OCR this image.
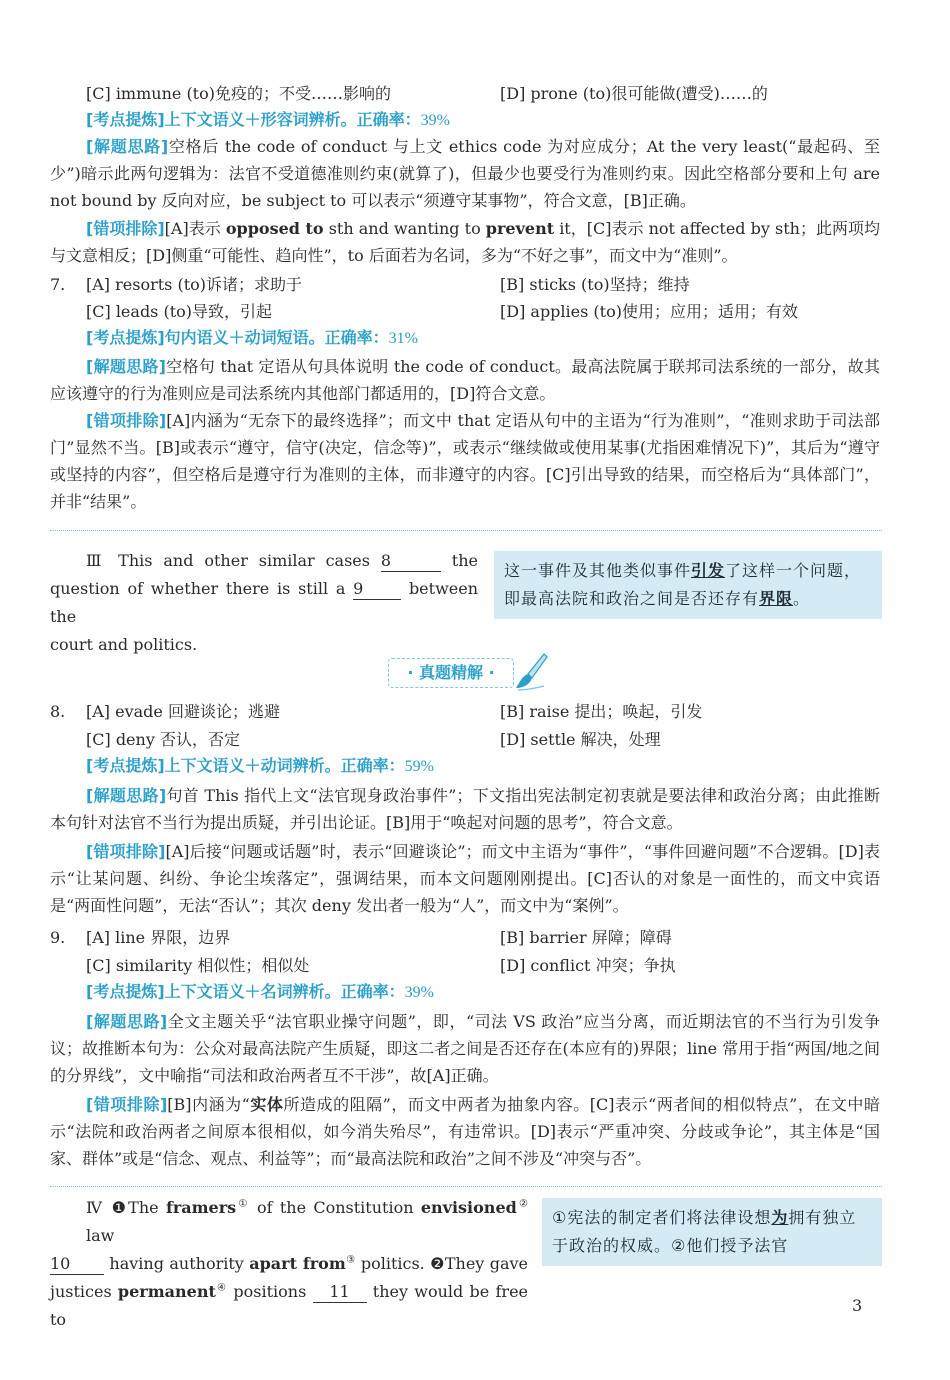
[C] immune (to)免疫的；不受……影响的	[D] prone (to)很可能做(遭受)……的
[考点提炼]上下文语义＋形容词辨析。正确率：39%
[解题思路]空格后 the code of conduct 与上文 ethics code 为对应成分；At the very least(“最起码、至少”)暗示此两句逻辑为：法官不受道德准则约束(就算了)，但最少也要受行为准则约束。因此空格部分要和上句 are not bound by 反向对应，be subject to 可以表示“须遵守某事物”，符合文意，[B]正确。
[错项排除][A]表示 opposed to sth and wanting to prevent it，[C]表示 not affected by sth；此两项均与文意相反；[D]侧重“可能性、趋向性”，to 后面若为名词，多为“不好之事”，而文中为“准则”。
7. [A] resorts (to)诉诸；求助于	[B] sticks (to)坚持；维持
[C] leads (to)导致，引起	[D] applies (to)使用；应用；适用；有效
[考点提炼]句内语义＋动词短语。正确率：31%
[解题思路]空格句 that 定语从句具体说明 the code of conduct。最高法院属于联邦司法系统的一部分，故其应该遵守的行为准则应是司法系统内其他部门都适用的，[D]符合文意。
[错项排除][A]内涵为“无奈下的最终选择”；而文中 that 定语从句中的主语为“行为准则”，“准则求助于司法部门”显然不当。[B]或表示“遵守，信守(决定，信念等)”，或表示“继续做或使用某事(尤指困难情况下)”，其后为“遵守或坚持的内容”，但空格后是遵守行为准则的主体，而非遵守的内容。[C]引出导致的结果，而空格后为“具体部门”，并非“结果”。
Ⅲ This and other similar cases 8	the
question of whether there is still a 9	between the
court and politics.
这一事件及其他类似事件引发了这样一个问题，即最高法院和政治之间是否还存有界限。
· 真题精解 ·
8. [A] evade 回避谈论；逃避	[B] raise 提出；唤起，引发
[C] deny 否认，否定	[D] settle 解决，处理
[考点提炼]上下文语义＋动词辨析。正确率：59%
[解题思路]句首 This 指代上文“法官现身政治事件”；下文指出宪法制定初衷就是要法律和政治分离；由此推断本句针对法官不当行为提出质疑，并引出论证。[B]用于“唤起对问题的思考”，符合文意。
[错项排除][A]后接“问题或话题”时，表示“回避谈论”；而文中主语为“事件”，“事件回避问题”不合逻辑。[D]表示“让某问题、纠纷、争论尘埃落定”，强调结果，而本文问题刚刚提出。[C]否认的对象是一面性的，而文中宾语是“两面性问题”，无法“否认”；其次 deny 发出者一般为“人”，而文中为“案例”。
9. [A] line 界限，边界	[B] barrier 屏障；障碍
[C] similarity 相似性；相似处	[D] conflict 冲突；争执
[考点提炼]上下文语义＋名词辨析。正确率：39%
[解题思路]全文主题关乎“法官职业操守问题”，即，“司法 VS 政治”应当分离，而近期法官的不当行为引发争议；故推断本句为：公众对最高法院产生质疑，即这二者之间是否还存在(本应有的)界限；line 常用于指“两国/地之间的分界线”，文中喻指“司法和政治两者互不干涉”，故[A]正确。
[错项排除][B]内涵为“实体所造成的阻隔”，而文中两者为抽象内容。[C]表示“两者间的相似特点”，在文中暗示“法院和政治两者之间原本很相似，如今消失殆尽”，有违常识。[D]表示“严重冲突、分歧或争论”，其主体是“国家、群体”或是“信念、观点、利益等”；而“最高法院和政治”之间不涉及“冲突与否”。
Ⅳ ❶The framers① of the Constitution envisioned② law
10 having authority apart from③ politics. ❷They gave
justices permanent④ positions 11 they would be free to
①宪法的制定者们将法律设想为拥有独立于政治的权威。②他们授予法官
3
